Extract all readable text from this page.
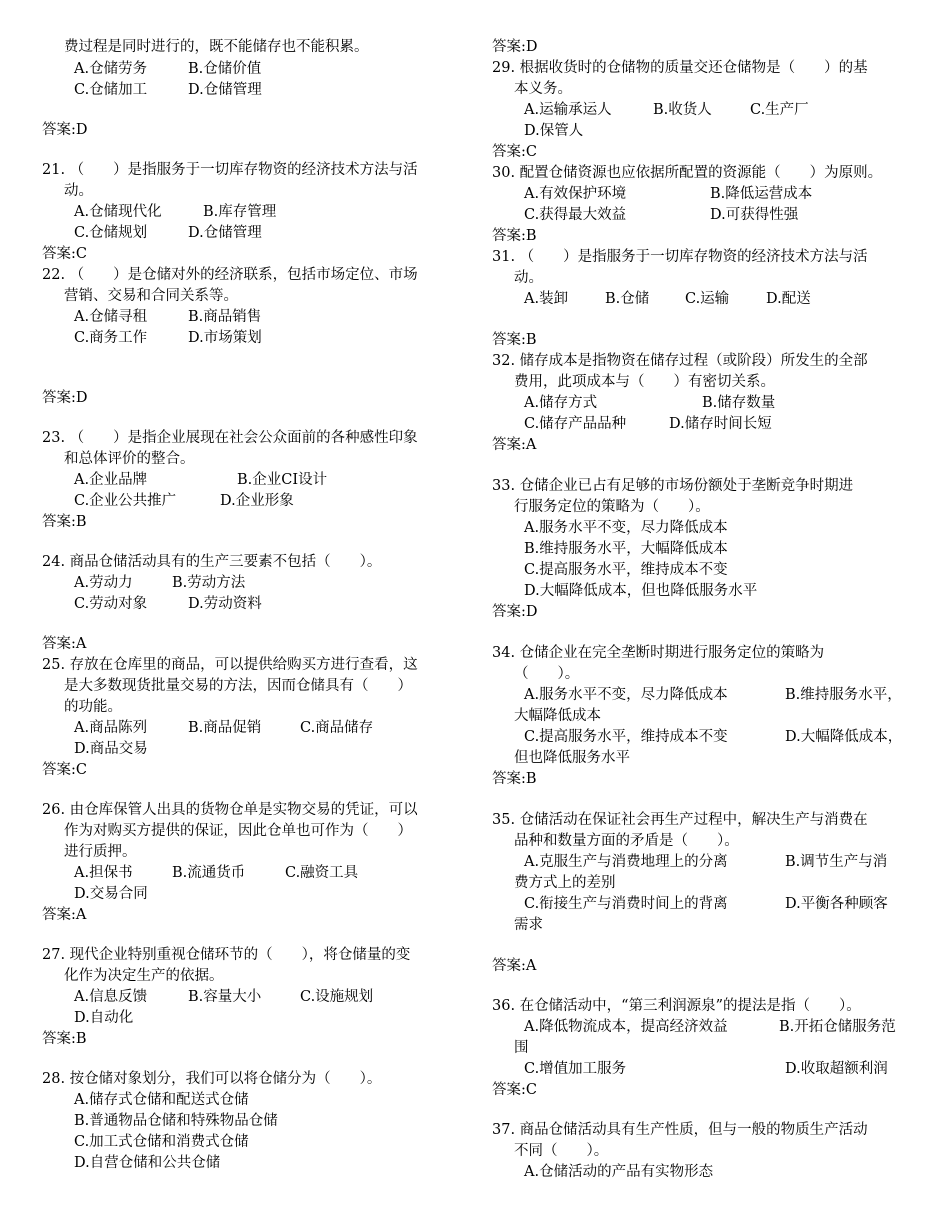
费过程是同时进行的，既不能储存也不能积累。
A.仓储劳务	B.仓储价值
C.仓储加工	D.仓储管理
答案:D
21. （　　）是指服务于一切库存物资的经济技术方法与活
动。
A.仓储现代化	B.库存管理
C.仓储规划	D.仓储管理
答案:C
22. （　　）是仓储对外的经济联系，包括市场定位、市场
营销、交易和合同关系等。
A.仓储寻租	B.商品销售
C.商务工作	D.市场策划
答案:D
23. （　　）是指企业展现在社会公众面前的各种感性印象
和总体评价的整合。
A.企业品牌	B.企业CI设计
C.企业公共推广	D.企业形象
答案:B
24. 商品仓储活动具有的生产三要素不包括（　　）。
A.劳动力	B.劳动方法
C.劳动对象	D.劳动资料
答案:A
25. 存放在仓库里的商品，可以提供给购买方进行查看，这
是大多数现货批量交易的方法，因而仓储具有（　　）
的功能。
A.商品陈列	B.商品促销	C.商品储存
D.商品交易
答案:C
26. 由仓库保管人出具的货物仓单是实物交易的凭证，可以
作为对购买方提供的保证，因此仓单也可作为（　　）
进行质押。
A.担保书	B.流通货币	C.融资工具
D.交易合同
答案:A
27. 现代企业特别重视仓储环节的（　　），将仓储量的变
化作为决定生产的依据。
A.信息反馈	B.容量大小	C.设施规划
D.自动化
答案:B
28. 按仓储对象划分，我们可以将仓储分为（　　）。
A.储存式仓储和配送式仓储
B.普通物品仓储和特殊物品仓储
C.加工式仓储和消费式仓储
D.自营仓储和公共仓储
答案:D
29. 根据收货时的仓储物的质量交还仓储物是（　　）的基
本义务。
A.运输承运人	B.收货人	C.生产厂
D.保管人
答案:C
30. 配置仓储资源也应依据所配置的资源能（　　）为原则。
A.有效保护环境	B.降低运营成本
C.获得最大效益	D.可获得性强
答案:B
31. （　　）是指服务于一切库存物资的经济技术方法与活
动。
A.装卸	B.仓储 C.运输	D.配送
答案:B
32. 储存成本是指物资在储存过程（或阶段）所发生的全部
费用，此项成本与（　　）有密切关系。
A.储存方式	B.储存数量
C.储存产品品种	D.储存时间长短
答案:A
33. 仓储企业已占有足够的市场份额处于垄断竞争时期进
行服务定位的策略为（　　）。
A.服务水平不变，尽力降低成本
B.维持服务水平，大幅降低成本
C.提高服务水平，维持成本不变
D.大幅降低成本，但也降低服务水平
答案:D
34. 仓储企业在完全垄断时期进行服务定位的策略为
（　　）。
A.服务水平不变，尽力降低成本	B.维持服务水平，
大幅降低成本
C.提高服务水平，维持成本不变	D.大幅降低成本，
但也降低服务水平
答案:B
35. 仓储活动在保证社会再生产过程中，解决生产与消费在
品种和数量方面的矛盾是（　　）。
A.克服生产与消费地理上的分离	B.调节生产与消
费方式上的差别
C.衔接生产与消费时间上的背离	D.平衡各种顾客
需求
答案:A
36. 在仓储活动中，“第三利润源泉”的提法是指（　　）。
A.降低物流成本，提高经济效益	B.开拓仓储服务范
围
C.增值加工服务	D.收取超额利润
答案:C
37. 商品仓储活动具有生产性质，但与一般的物质生产活动
不同（　　）。
A.仓储活动的产品有实物形态
